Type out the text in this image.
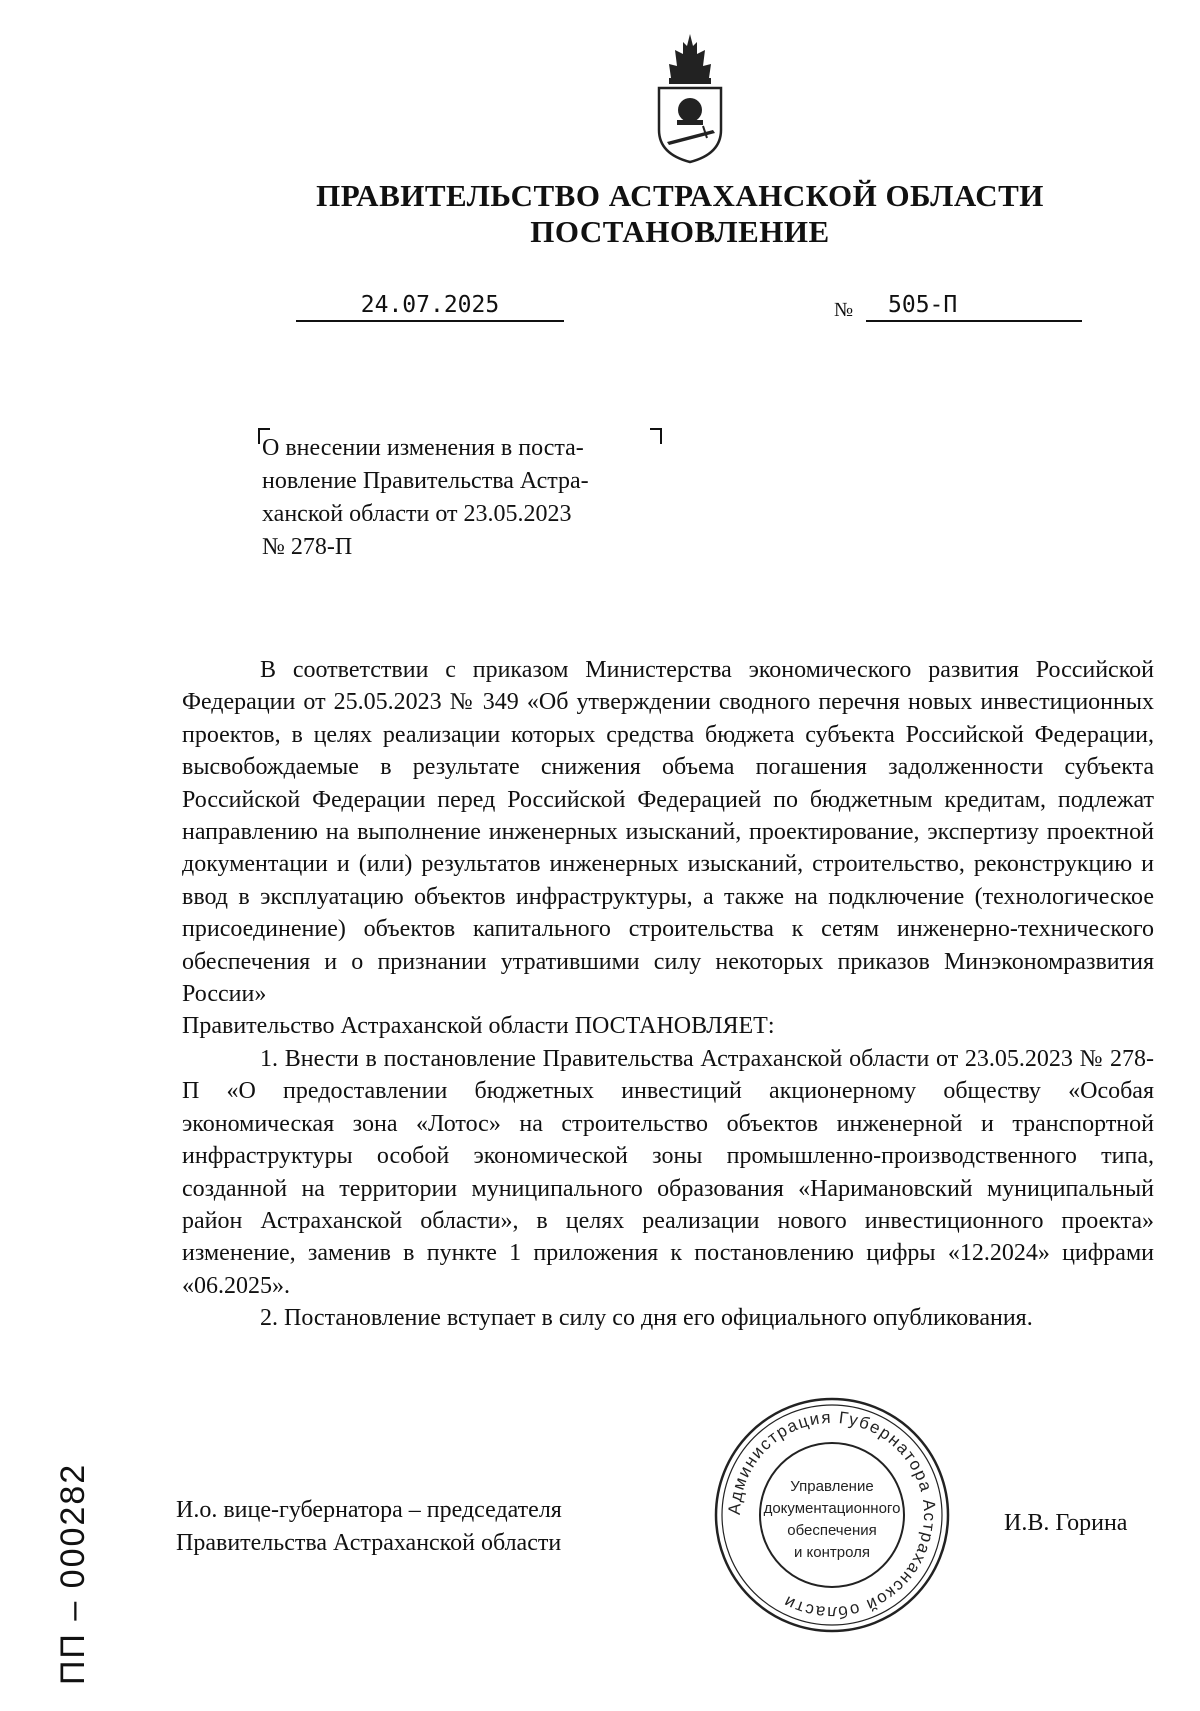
ПРАВИТЕЛЬСТВО АСТРАХАНСКОЙ ОБЛАСТИ
ПОСТАНОВЛЕНИЕ
24.07.2025	№	505-П
О внесении изменения в поста-
новление Правительства Астра-
ханской области от 23.05.2023
№ 278-П

В соответствии с приказом Министерства экономического развития Российской Федерации от 25.05.2023 № 349 «Об утверждении сводного перечня новых инвестиционных проектов, в целях реализации которых средства бюджета субъекта Российской Федерации, высвобождаемые в результате снижения объема погашения задолженности субъекта Российской Федерации перед Российской Федерацией по бюджетным кредитам, подлежат направлению на выполнение инженерных изысканий, проектирование, экспертизу проектной документации и (или) результатов инженерных изысканий, строительство, реконструкцию и ввод в эксплуатацию объектов инфраструктуры, а также на подключение (технологическое присоединение) объектов капитального строительства к сетям инженерно-технического обеспечения и о признании утратившими силу некоторых приказов Минэкономразвития России»

Правительство Астраханской области ПОСТАНОВЛЯЕТ:

1. Внести в постановление Правительства Астраханской области от 23.05.2023 № 278-П «О предоставлении бюджетных инвестиций акционерному обществу «Особая экономическая зона «Лотос» на строительство объектов инженерной и транспортной инфраструктуры особой экономической зоны промышленно-производственного типа, созданной на территории муниципального образования «Наримановский муниципальный район Астраханской области», в целях реализации нового инвестиционного проекта» изменение, заменив в пункте 1 приложения к постановлению цифры «12.2024» цифрами «06.2025».

2. Постановление вступает в силу со дня его официального опубликования.

И.о. вице-губернатора – председателя
Правительства Астраханской области
И.В. Горина
Администрация Губернатора Астраханской области
Управление
документационного
обеспечения
и контроля
ПП – 000282
